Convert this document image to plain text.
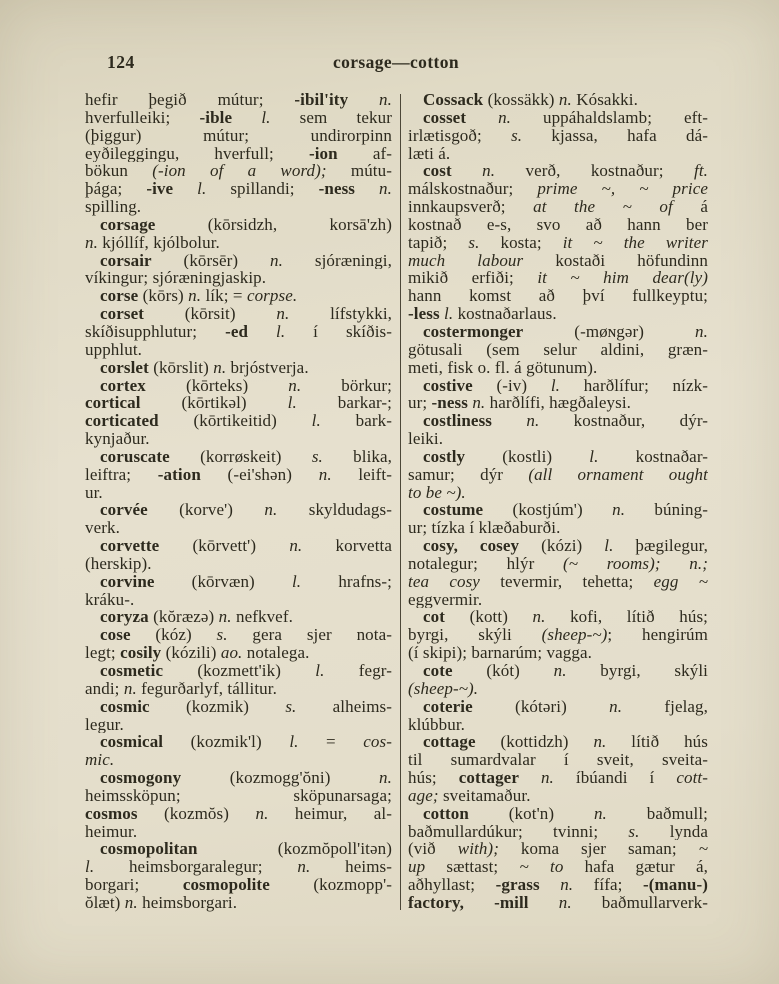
124	corsage—cotton
hefir þegið mútur; -ibil'ity n.
hverfulleiki; -ible l. sem tekur
(þiggur) mútur; undirorpinn
eyðileggingu, hverfull; -ion af-
bökun (-ion of a word); mútu-
þága; -ive l. spillandi; -ness n.
spilling.
corsage (kōrsidzh, korsā'zh)
n. kjóllíf, kjólbolur.
corsair (kōrsēr) n. sjóræningi,
víkingur; sjóræningjaskip.
corse (kōrs) n. lík; = corpse.
corset (kōrsit) n. lífstykki,
skíðisupphlutur; -ed l. í skíðis-
upphlut.
corslet (kōrslit) n. brjóstverja.
cortex (kōrteks) n. börkur;
cortical (kōrtikəl) l. barkar-;
corticated (kōrtikeitid) l. bark-
kynjaður.
coruscate (korrøskeit) s. blika,
leiftra; -ation (-ei'shən) n. leift-
ur.
corvée (korve') n. skyldudags-
verk.
corvette (kōrvett') n. korvetta
(herskip).
corvine (kōrvæn) l. hrafns-;
kráku-.
coryza (kŏræzə) n. nefkvef.
cose (kóz) s. gera sjer nota-
legt; cosily (kózili) ao. notalega.
cosmetic (kozmett'ik) l. fegr-
andi; n. fegurðarlyf, tállitur.
cosmic (kozmik) s. alheims-
legur.
cosmical (kozmik'l) l. = cos-
mic.
cosmogony (kozmogg'ŏni) n.
heimssköpun; sköpunarsaga;
cosmos (kozmŏs) n. heimur, al-
heimur.
cosmopolitan (kozmŏpoll'itən)
l. heimsborgaralegur; n. heims-
borgari; cosmopolite (kozmopp'-
ŏlæt) n. heimsborgari.
Cossack (kossäkk) n. Kósakki.
cosset n. uppáhaldslamb; eft-
irlætisgoð; s. kjassa, hafa dá-
læti á.
cost n. verð, kostnaður; ft.
málskostnaður; prime ~, ~ price
innkaupsverð; at the ~ of á
kostnað e-s, svo að hann ber
tapið; s. kosta; it ~ the writer
much labour kostaði höfundinn
mikið erfiði; it ~ him dear(ly)
hann komst að því fullkeyptu;
-less l. kostnaðarlaus.
costermonger (-møɴgər) n.
götusali (sem selur aldini, græn-
meti, fisk o. fl. á götunum).
costive (-iv) l. harðlífur; nízk-
ur; -ness n. harðlífi, hægðaleysi.
costliness n. kostnaður, dýr-
leiki.
costly (kostli) l. kostnaðar-
samur; dýr (all ornament ought
to be ~).
costume (kostjúm') n. búning-
ur; tízka í klæðaburði.
cosy, cosey (kózi) l. þægilegur,
notalegur; hlýr (~ rooms); n.;
tea cosy tevermir, tehetta; egg ~
eggvermir.
cot (kott) n. kofi, lítið hús;
byrgi, skýli (sheep-~); hengirúm
(í skipi); barnarúm; vagga.
cote (kót) n. byrgi, skýli
(sheep-~).
coterie (kótəri) n. fjelag,
klúbbur.
cottage (kottidzh) n. lítið hús
til sumardvalar í sveit, sveita-
hús; cottager n. íbúandi í cott-
age; sveitamaður.
cotton (kot'n) n. baðmull;
baðmullardúkur; tvinni; s. lynda
(við with); koma sjer saman; ~
up sættast; ~ to hafa gætur á,
aðhyllast; -grass n. fífa; -(manu-)
factory, -mill n. baðmullarverk-
